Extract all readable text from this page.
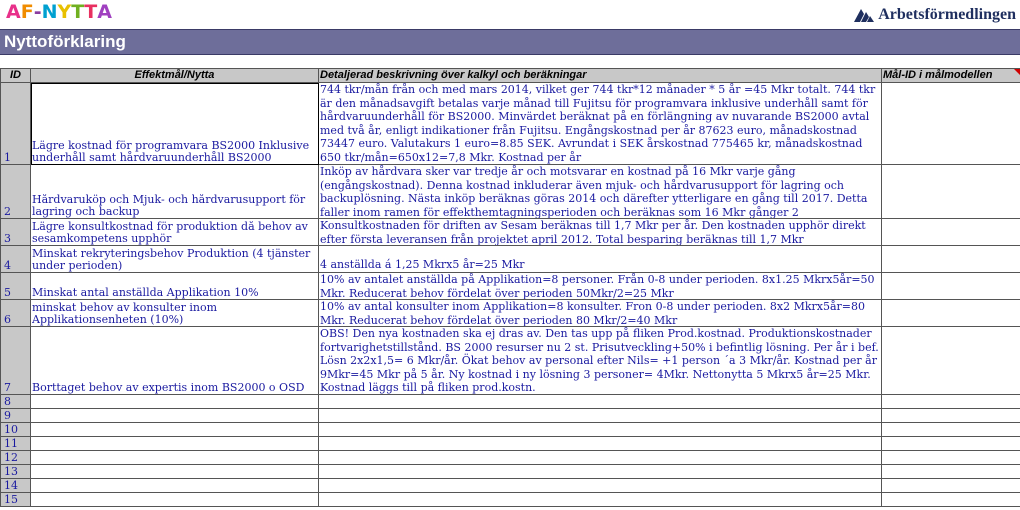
AF-NYTTA	Arbetsförmedlingen
Nyttoförklaring
ID	Effektmål/Nytta	Detaljerad beskrivning över kalkyl och beräkningar	Mål-ID i målmodellen
1	Lägre kostnad för programvara BS2000 Inklusive underhåll samt hårdvaruunderhåll BS2000	744 tkr/mån från och med mars 2014, vilket ger 744 tkr*12 månader * 5 år =45 Mkr totalt. 744 tkr är den månadsavgift betalas varje månad till Fujitsu för programvara inklusive underhåll samt för hårdvaruunderhåll för BS2000. Minvärdet beräknat på en förlängning av nuvarande BS2000 avtal med två år, enligt indikationer från Fujitsu. Engångskostnad per år 87623 euro, månadskostnad 73447 euro. Valutakurs 1 euro=8.85 SEK. Avrundat i SEK årskostnad 775465 kr, månadskostnad 650 tkr/mån=650x12=7,8 Mkr. Kostnad per år	

2	Hårdvaruköp och Mjuk- och hårdvarusupport för lagring och backup	Inköp av hårdvara sker var tredje år och motsvarar en kostnad på 16 Mkr varje gång (engångskostnad). Denna kostnad inkluderar även mjuk- och hårdvarusupport för lagring och backuplösning. Nästa inköp beräknas göras 2014 och därefter ytterligare en gång till 2017. Detta faller inom ramen för effekthemtagningsperioden och beräknas som 16 Mkr gånger 2	

3	Lägre konsultkostnad för produktion då behov av sesamkompetens upphör	Konsultkostnaden för driften av Sesam beräknas till 1,7 Mkr per år. Den kostnaden upphör direkt efter första leveransen från projektet april 2012. Total besparing beräknas till 1,7 Mkr	

4	Minskat rekryteringsbehov Produktion (4 tjänster under perioden)	4 anställda á 1,25 Mkrx5 år=25 Mkr	

5	Minskat antal anställda Applikation 10%	10% av antalet anställda på Applikation=8 personer. Från 0-8 under perioden. 8x1.25 Mkrx5år=50 Mkr. Reducerat behov fördelat över perioden 50Mkr/2=25 Mkr	

6	minskat behov av konsulter inom Applikationsenheten (10%)	10% av antal konsulter inom Applikation=8 konsulter. Fron 0-8 under perioden. 8x2 Mkrx5år=80 Mkr. Reducerat behov fördelat över perioden 80 Mkr/2=40 Mkr	

7	Borttaget behov av expertis inom BS2000 o OSD	OBS! Den nya kostnaden ska ej dras av. Den tas upp på fliken Prod.kostnad. Produktionskostnader fortvarighetstillstånd. BS 2000 resurser nu 2 st. Prisutveckling+50% i befintlig lösning. Per år i bef. Lösn 2x2x1,5= 6 Mkr/år. Ökat behov av personal efter Nils= +1 person ´a 3 Mkr/år. Kostnad per år 9Mkr=45 Mkr på 5 år. Ny kostnad i ny lösning 3 personer= 4Mkr. Nettonytta 5 Mkrx5 år=25 Mkr. Kostnad läggs till på fliken prod.kostn.	

8	

9	

10	

11	

12	

13	

14	

15	
